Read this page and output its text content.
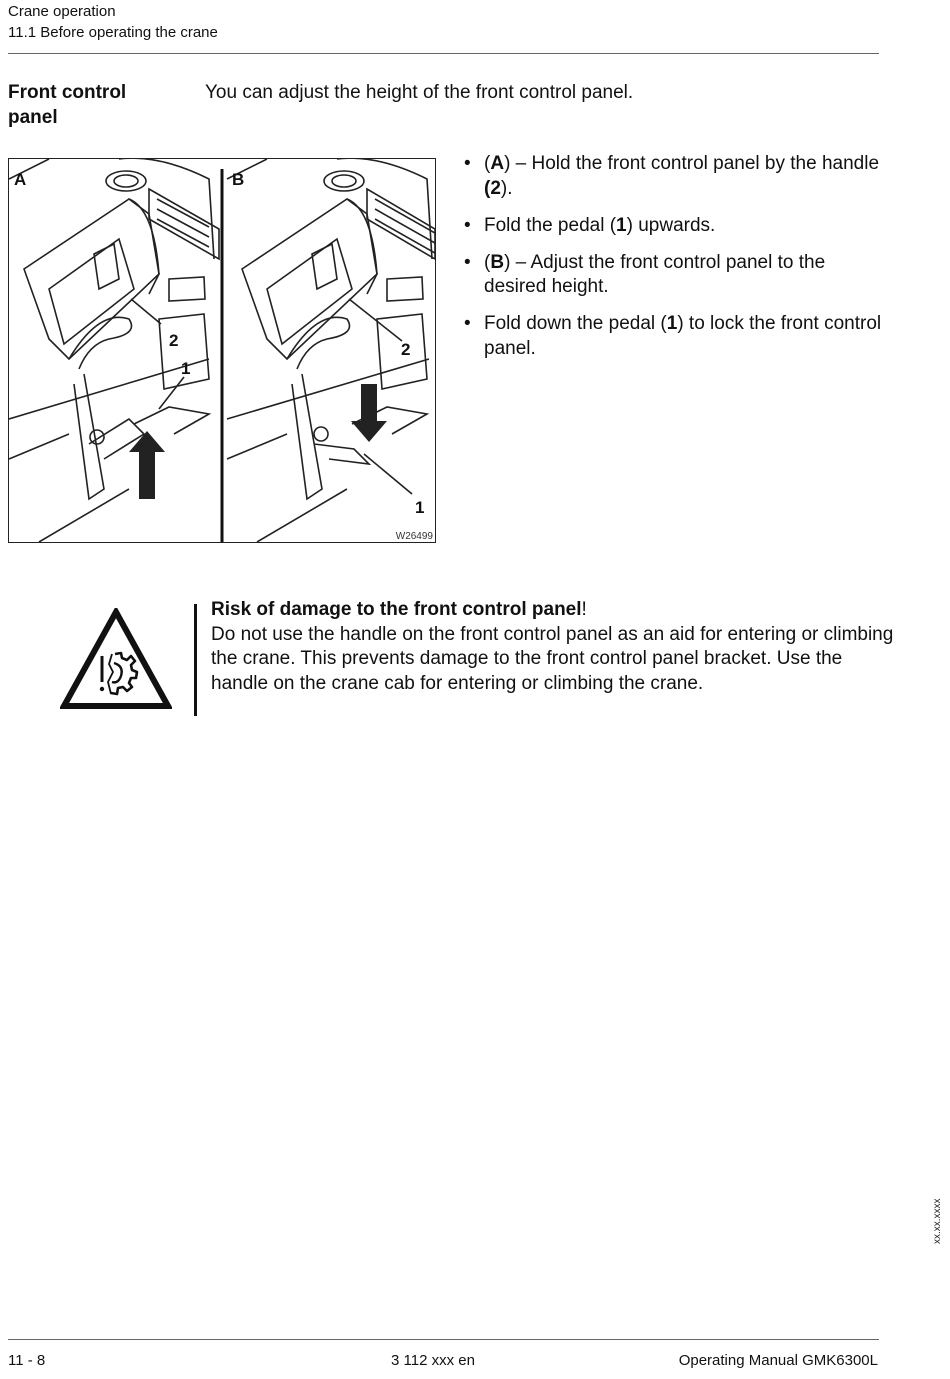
Crane operation
11.1 Before operating the crane
Front control panel
You can adjust the height of the front control panel.
A
2
1
B
2
1
W26499
• (A) – Hold the front control panel by the handle (2).
• Fold the pedal (1) upwards.
• (B) – Adjust the front control panel to the desired height.
• Fold down the pedal (1) to lock the front control panel.
Risk of damage to the front control panel!
Do not use the handle on the front control panel as an aid for entering or climbing the crane. This prevents damage to the front control panel bracket. Use the handle on the crane cab for entering or climbing the crane.
xx.xx.xxxx
11 - 8	3 112 xxx en	Operating Manual GMK6300L
